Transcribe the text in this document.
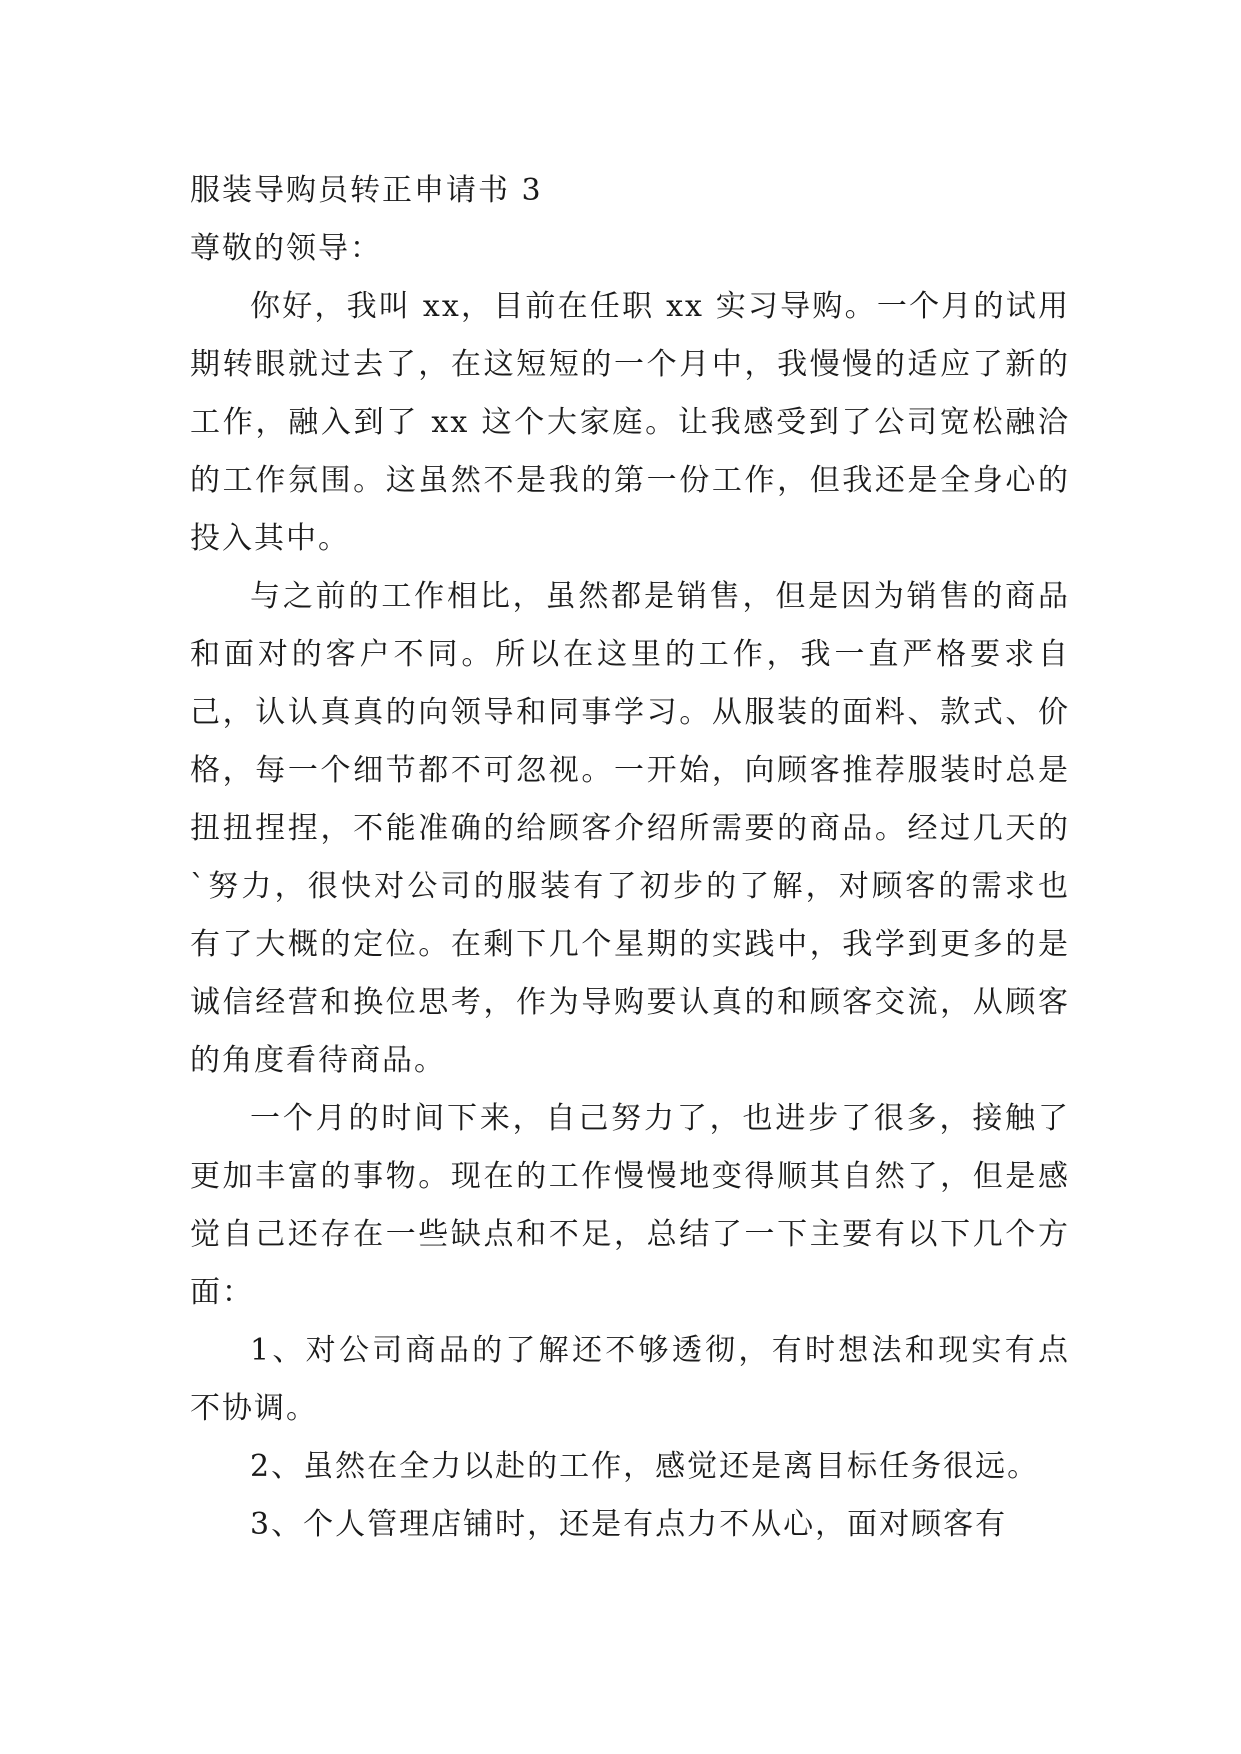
服装导购员转正申请书 3

尊敬的领导：

你好，我叫 xx，目前在任职 xx 实习导购。一个月的试用期转眼就过去了，在这短短的一个月中，我慢慢的适应了新的工作，融入到了 xx 这个大家庭。让我感受到了公司宽松融洽的工作氛围。这虽然不是我的第一份工作，但我还是全身心的投入其中。

与之前的工作相比，虽然都是销售，但是因为销售的商品和面对的客户不同。所以在这里的工作，我一直严格要求自己，认认真真的向领导和同事学习。从服装的面料、款式、价格，每一个细节都不可忽视。一开始，向顾客推荐服装时总是扭扭捏捏，不能准确的给顾客介绍所需要的商品。经过几天的`努力，很快对公司的服装有了初步的了解，对顾客的需求也有了大概的定位。在剩下几个星期的实践中，我学到更多的是诚信经营和换位思考，作为导购要认真的和顾客交流，从顾客的角度看待商品。

一个月的时间下来，自己努力了，也进步了很多，接触了更加丰富的事物。现在的工作慢慢地变得顺其自然了，但是感觉自己还存在一些缺点和不足，总结了一下主要有以下几个方面：

1、对公司商品的了解还不够透彻，有时想法和现实有点不协调。

2、虽然在全力以赴的工作，感觉还是离目标任务很远。

3、个人管理店铺时，还是有点力不从心，面对顾客有
